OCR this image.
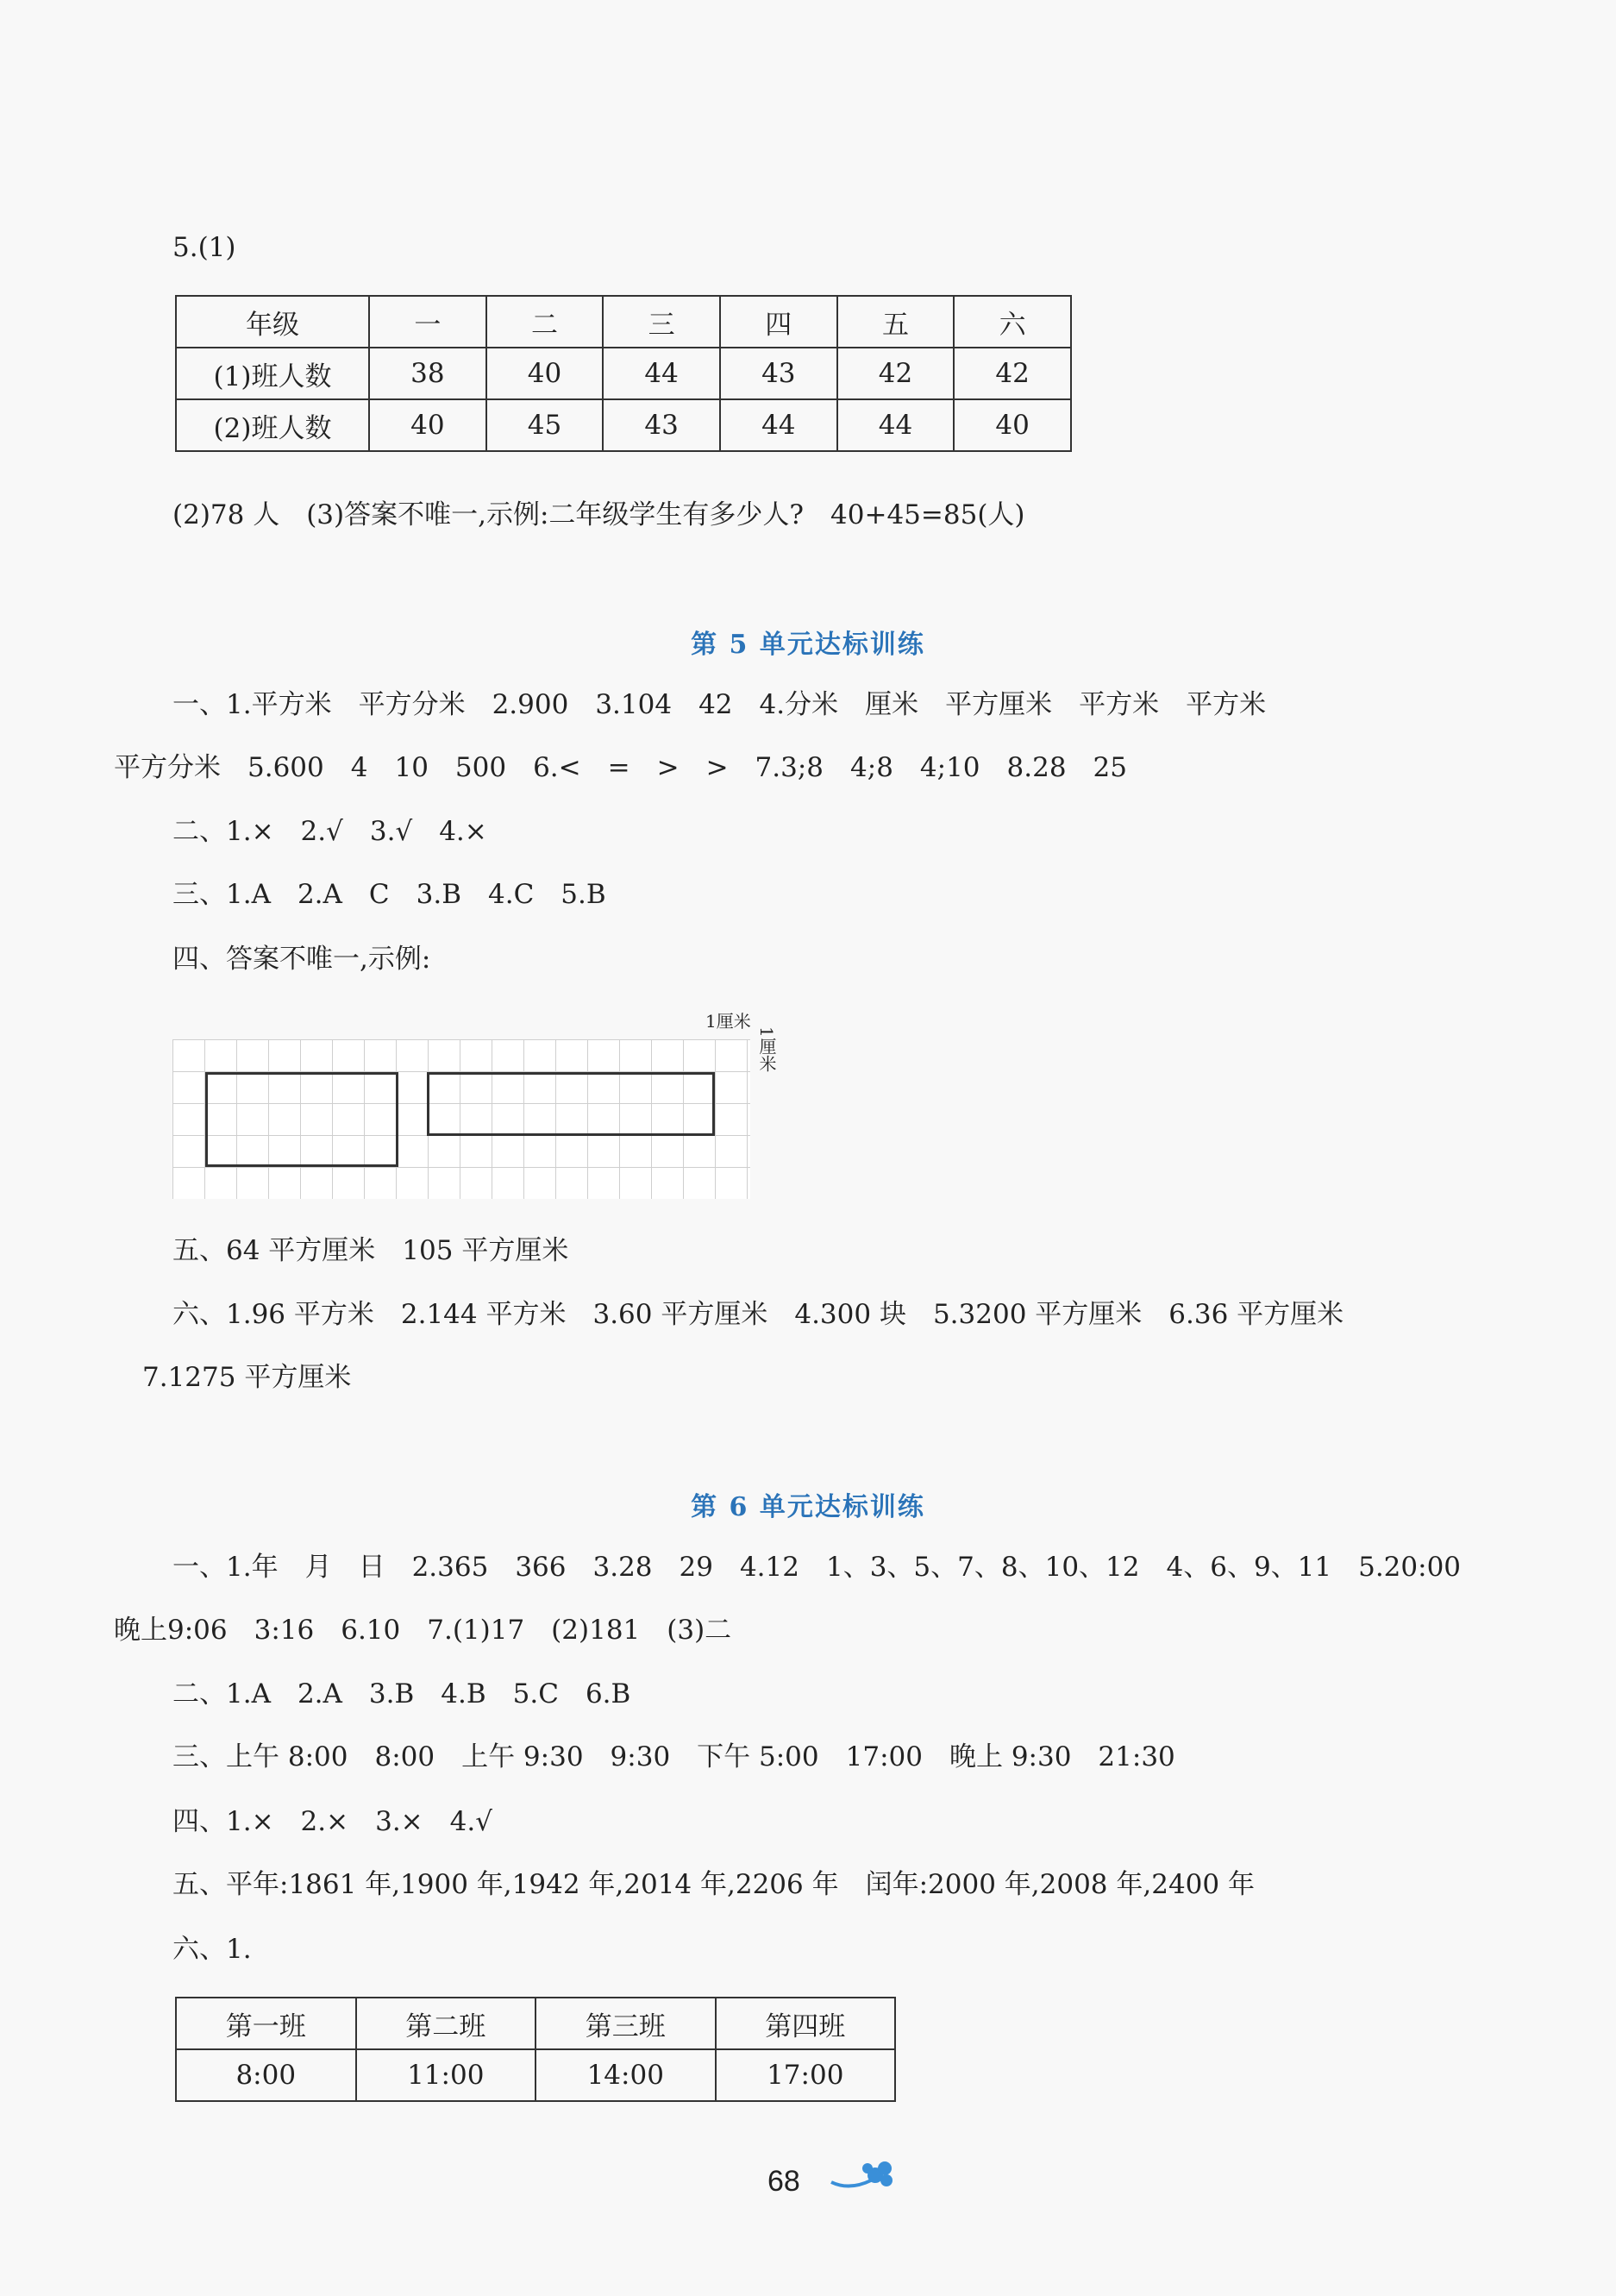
5.(1)
年级	一	二	三	四	五	六
(1)班人数	38	40	44	43	42	42
(2)班人数	40	45	43	44	44	40
(2)78 人　(3)答案不唯一,示例:二年级学生有多少人?　40+45=85(人)
第 5 单元达标训练
一、1.平方米　平方分米　2.900　3.104　42　4.分米　厘米　平方厘米　平方米　平方米
平方分米　5.600　4　10　500　6.<　=　>　>　7.3;8　4;8　4;10　8.28　25
二、1.×　2.√　3.√　4.×
三、1.A　2.A　C　3.B　4.C　5.B
四、答案不唯一,示例:
1厘米
1厘米
五、64 平方厘米　105 平方厘米
六、1.96 平方米　2.144 平方米　3.60 平方厘米　4.300 块　5.3200 平方厘米　6.36 平方厘米
7.1275 平方厘米
第 6 单元达标训练
一、1.年　月　日　2.365　366　3.28　29　4.12　1、3、5、7、8、10、12　4、6、9、11　5.20:00
晚上9:06　3:16　6.10　7.(1)17　(2)181　(3)二
二、1.A　2.A　3.B　4.B　5.C　6.B
三、上午 8:00　8:00　上午 9:30　9:30　下午 5:00　17:00　晚上 9:30　21:30
四、1.×　2.×　3.×　4.√
五、平年:1861 年,1900 年,1942 年,2014 年,2206 年　闰年:2000 年,2008 年,2400 年
六、1.
第一班	第二班	第三班	第四班
8:00	11:00	14:00	17:00
68
